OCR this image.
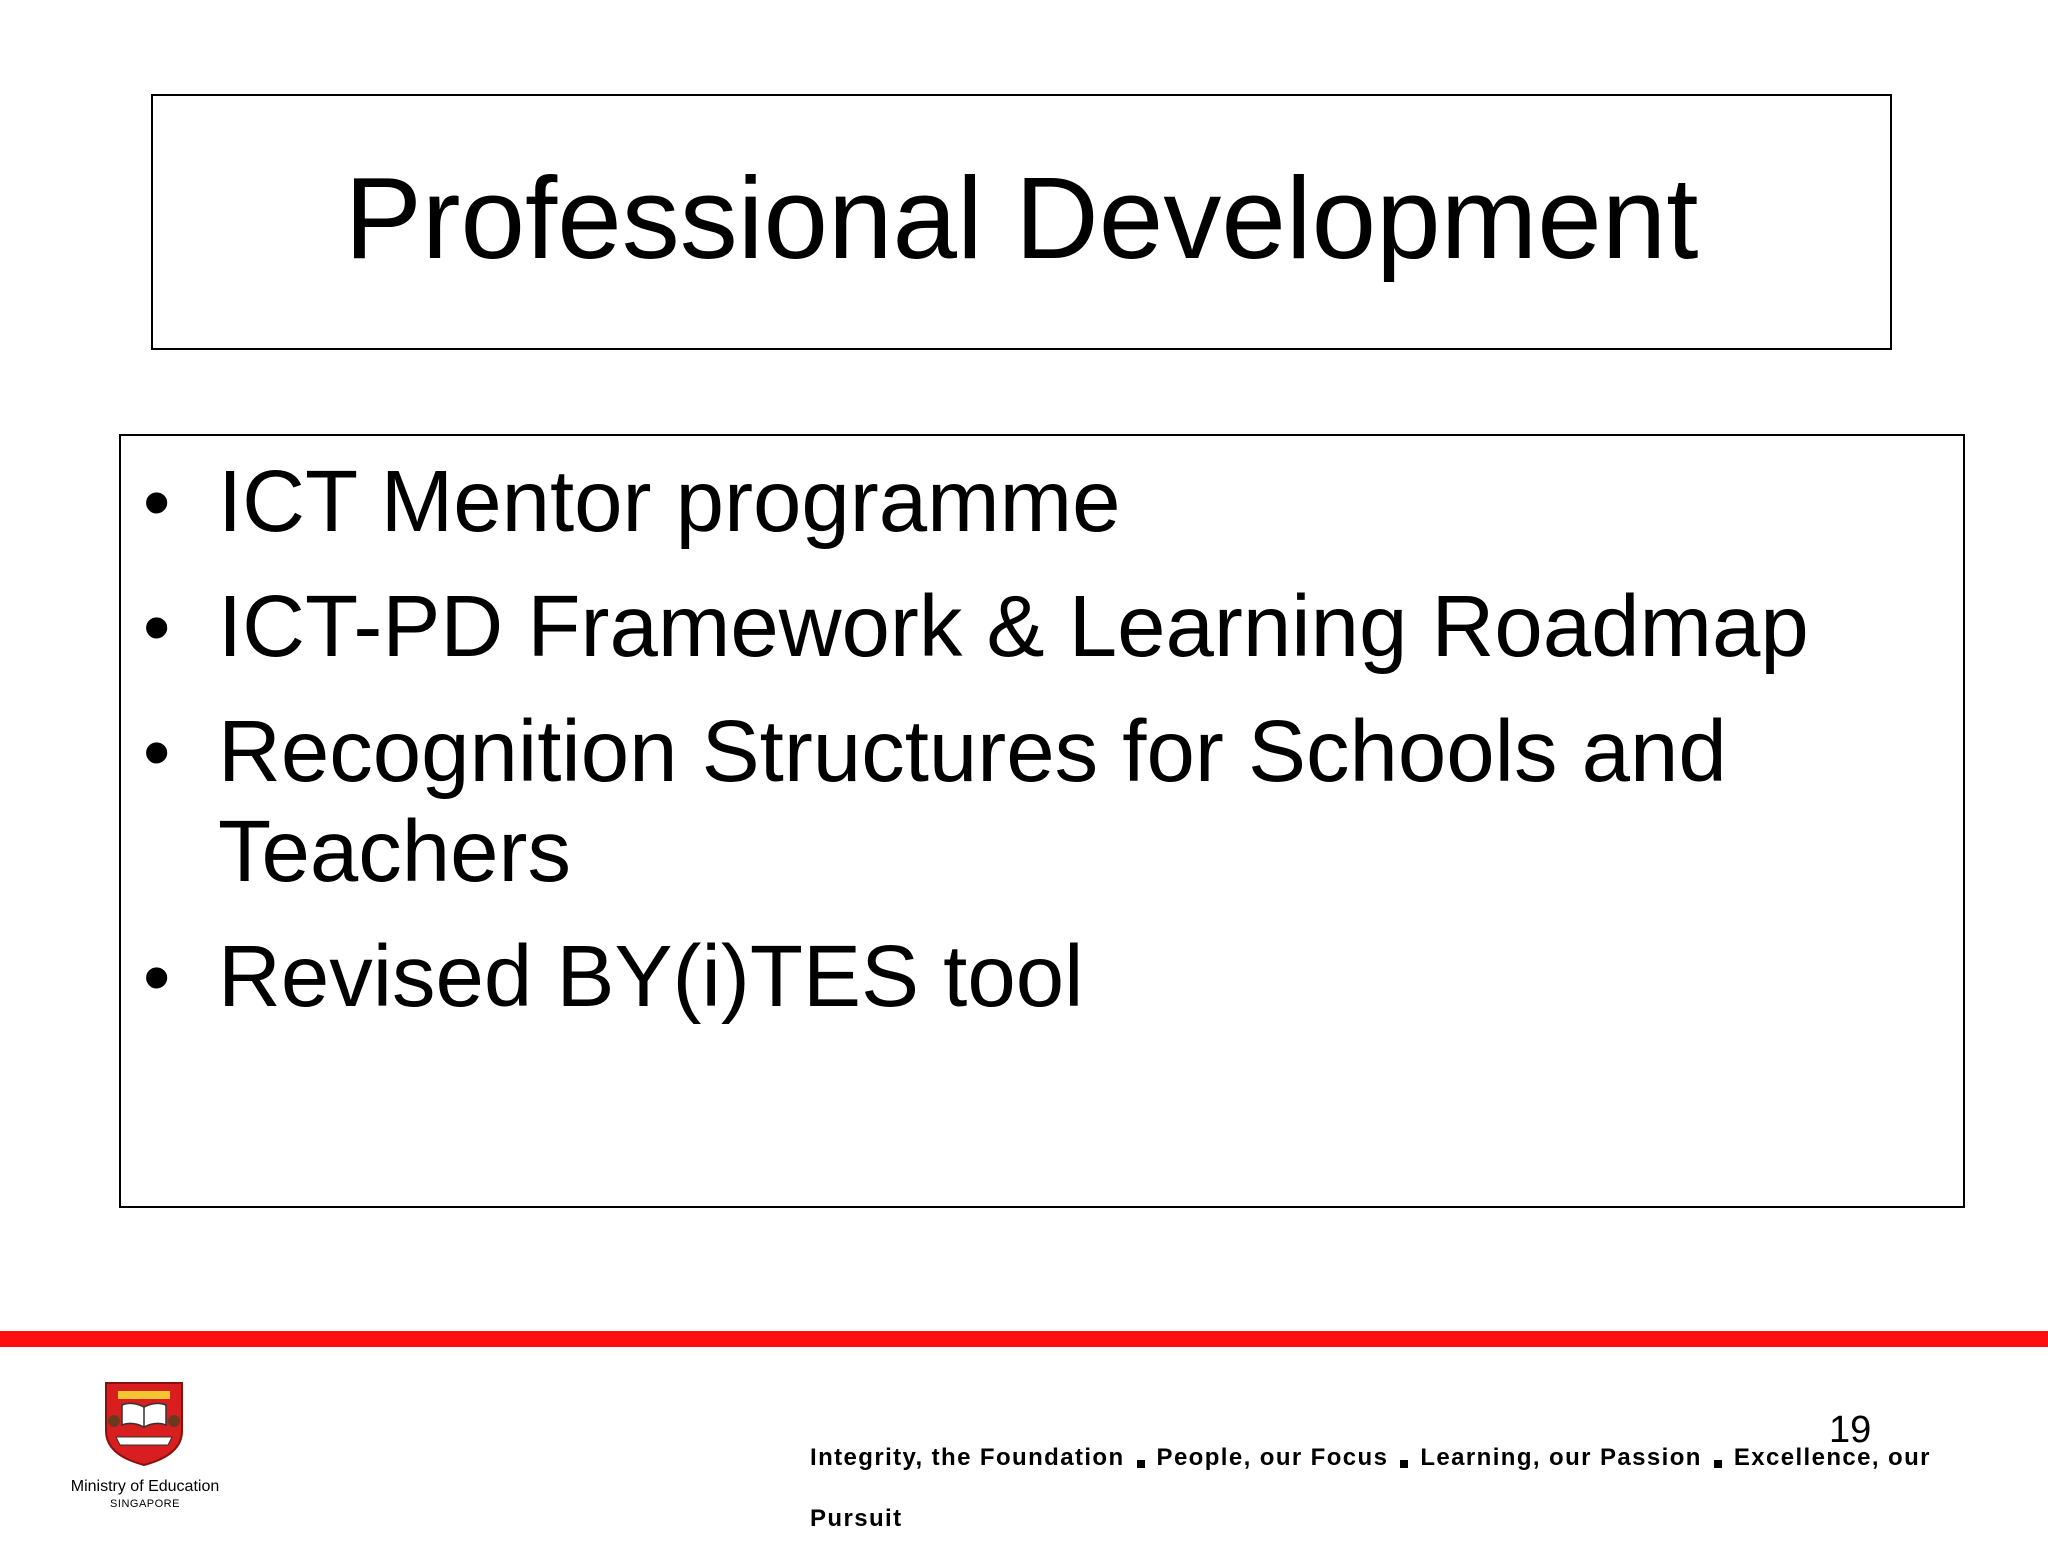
Professional Development
• ICT Mentor programme
• ICT-PD Framework & Learning Roadmap
• Recognition Structures for Schools and Teachers
• Revised BY(i)TES tool
Ministry of Education
SINGAPORE
19
Integrity, the Foundation People, our Focus Learning, our Passion Excellence, our Pursuit
